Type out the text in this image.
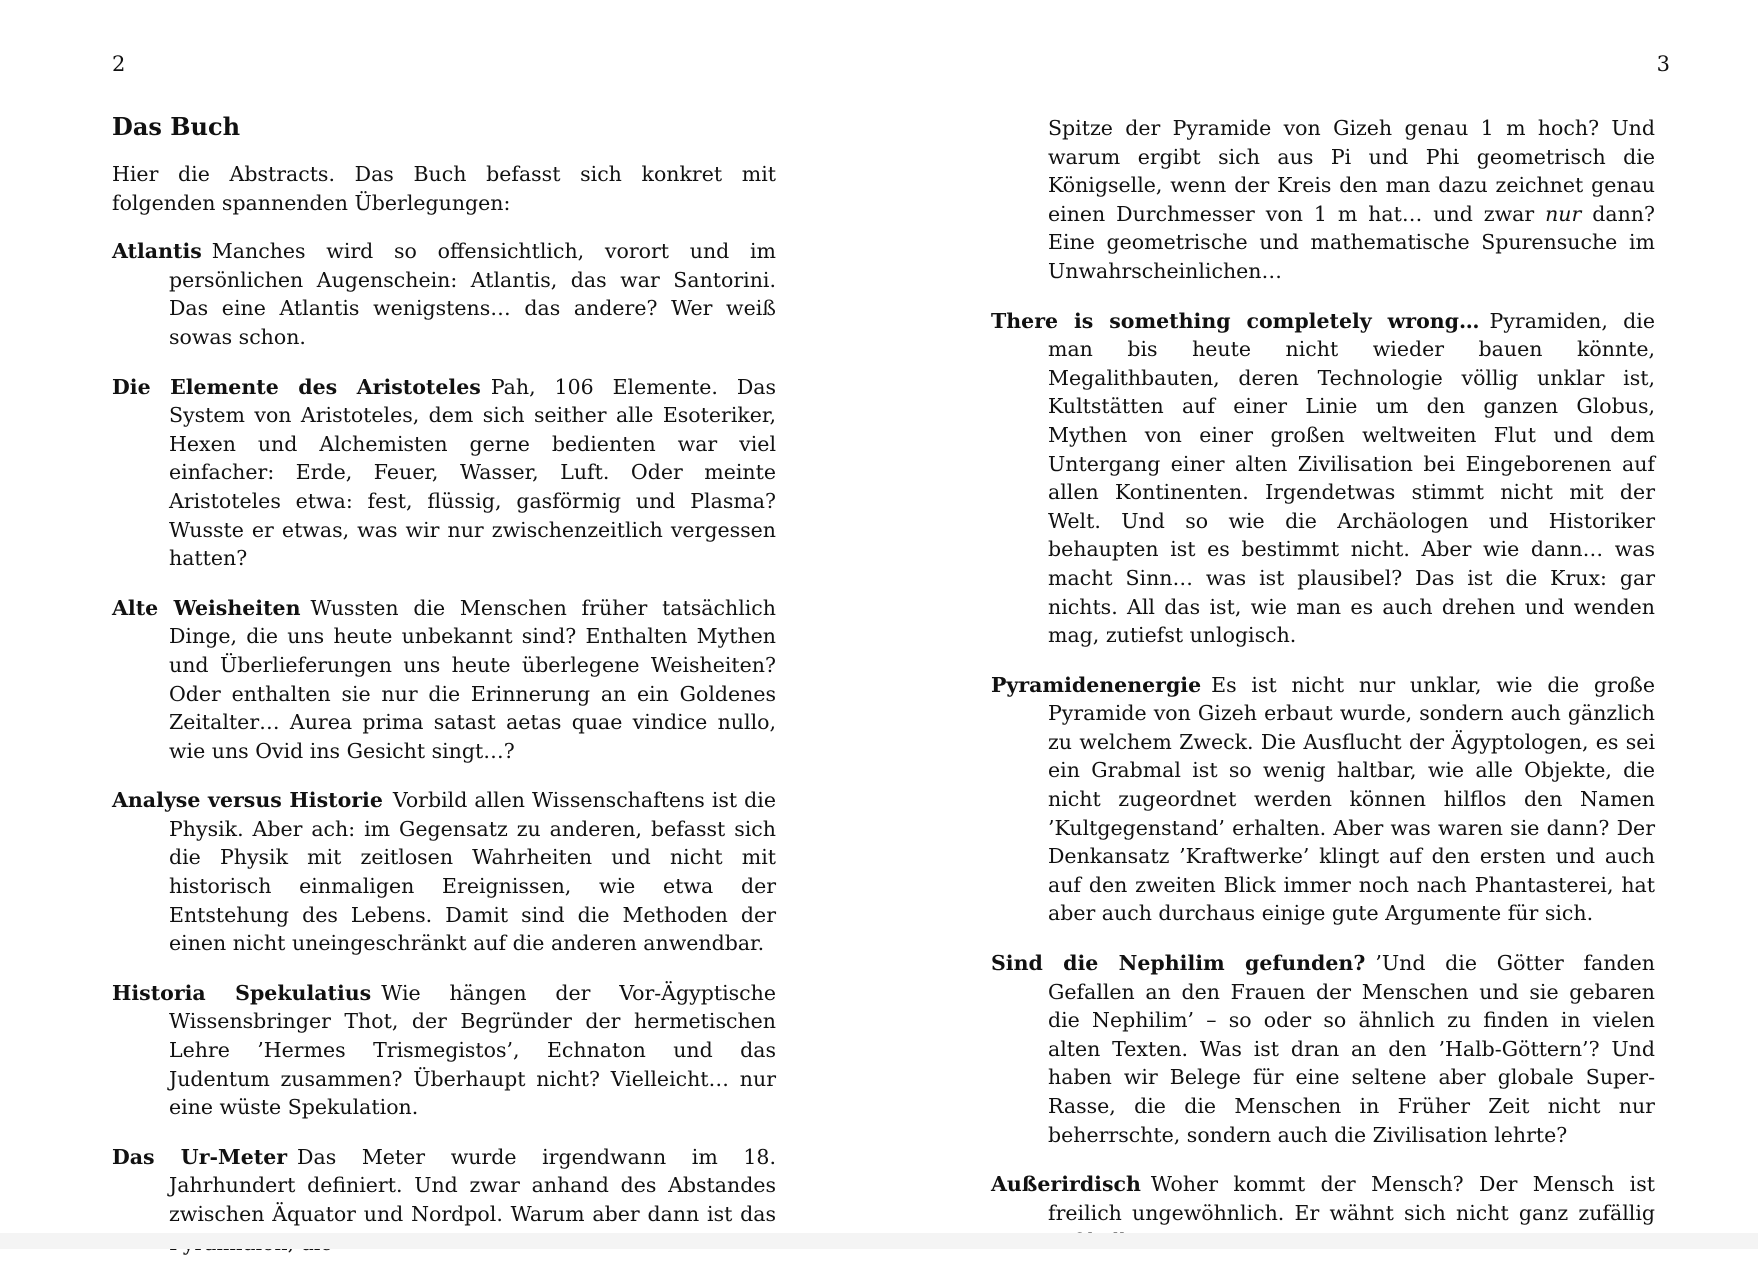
2
Das Buch

Hier die Abstracts. Das Buch befasst sich konkret mit folgenden spannenden Überlegungen:

Atlantis Manches wird so offensichtlich, vorort und im persönlichen Augenschein: Atlantis, das war Santorini. Das eine Atlantis wenigstens… das andere? Wer weiß sowas schon.

Die Elemente des Aristoteles Pah, 106 Elemente. Das System von Aristoteles, dem sich seither alle Esoteriker, Hexen und Alchemisten gerne bedienten war viel einfacher: Erde, Feuer, Wasser, Luft. Oder meinte Aristoteles etwa: fest, flüssig, gasförmig und Plasma? Wusste er etwas, was wir nur zwischenzeitlich vergessen hatten?

Alte Weisheiten Wussten die Menschen früher tatsächlich Dinge, die uns heute unbekannt sind? Enthalten Mythen und Überlieferungen uns heute überlegene Weisheiten? Oder enthalten sie nur die Erinnerung an ein Goldenes Zeitalter… Aurea prima satast aetas quae vindice nullo, wie uns Ovid ins Gesicht singt…?

Analyse versus Historie Vorbild allen Wissenschaftens ist die Physik. Aber ach: im Gegensatz zu anderen, befasst sich die Physik mit zeitlosen Wahrheiten und nicht mit historisch einmaligen Ereignissen, wie etwa der Entstehung des Lebens. Damit sind die Methoden der einen nicht uneingeschränkt auf die anderen anwendbar.

Historia Spekulatius Wie hängen der Vor-Ägyptische Wissensbringer Thot, der Begründer der hermetischen Lehre ’Hermes Trismegistos’, Echnaton und das Judentum zusammen? Überhaupt nicht? Vielleicht… nur eine wüste Spekulation.

Das Ur-Meter Das Meter wurde irgendwann im 18. Jahrhundert definiert. Und zwar anhand des Abstandes zwischen Äquator und Nordpol. Warum aber dann ist das

3

Spitze der Pyramide von Gizeh genau 1 m hoch? Und warum ergibt sich aus Pi und Phi geometrisch die Königselle, wenn der Kreis den man dazu zeichnet genau einen Durchmesser von 1 m hat… und zwar nur dann? Eine geometrische und mathematische Spurensuche im Unwahrscheinlichen…

There is something completely wrong… Pyramiden, die man bis heute nicht wieder bauen könnte, Megalithbauten, deren Technologie völlig unklar ist, Kultstätten auf einer Linie um den ganzen Globus, Mythen von einer großen weltweiten Flut und dem Untergang einer alten Zivilisation bei Eingeborenen auf allen Kontinenten. Irgendetwas stimmt nicht mit der Welt. Und so wie die Archäologen und Historiker behaupten ist es bestimmt nicht. Aber wie dann… was macht Sinn… was ist plausibel? Das ist die Krux: gar nichts. All das ist, wie man es auch drehen und wenden mag, zutiefst unlogisch.

Pyramidenenergie Es ist nicht nur unklar, wie die große Pyramide von Gizeh erbaut wurde, sondern auch gänzlich zu welchem Zweck. Die Ausflucht der Ägyptologen, es sei ein Grabmal ist so wenig haltbar, wie alle Objekte, die nicht zugeordnet werden können hilflos den Namen ’Kultgegenstand’ erhalten. Aber was waren sie dann? Der Denkansatz ’Kraftwerke’ klingt auf den ersten und auch auf den zweiten Blick immer noch nach Phantasterei, hat aber auch durchaus einige gute Argumente für sich.

Sind die Nephilim gefunden? ’Und die Götter fanden Gefallen an den Frauen der Menschen und sie gebaren die Nephilim’ – so oder so ähnlich zu finden in vielen alten Texten. Was ist dran an den ’Halb-Göttern’? Und haben wir Belege für eine seltene aber globale Super-Rasse, die die Menschen in Früher Zeit nicht nur beherrschte, sondern auch die Zivilisation lehrte?

Außerirdisch Woher kommt der Mensch? Der Mensch ist freilich ungewöhnlich. Er wähnt sich nicht ganz zufällig
